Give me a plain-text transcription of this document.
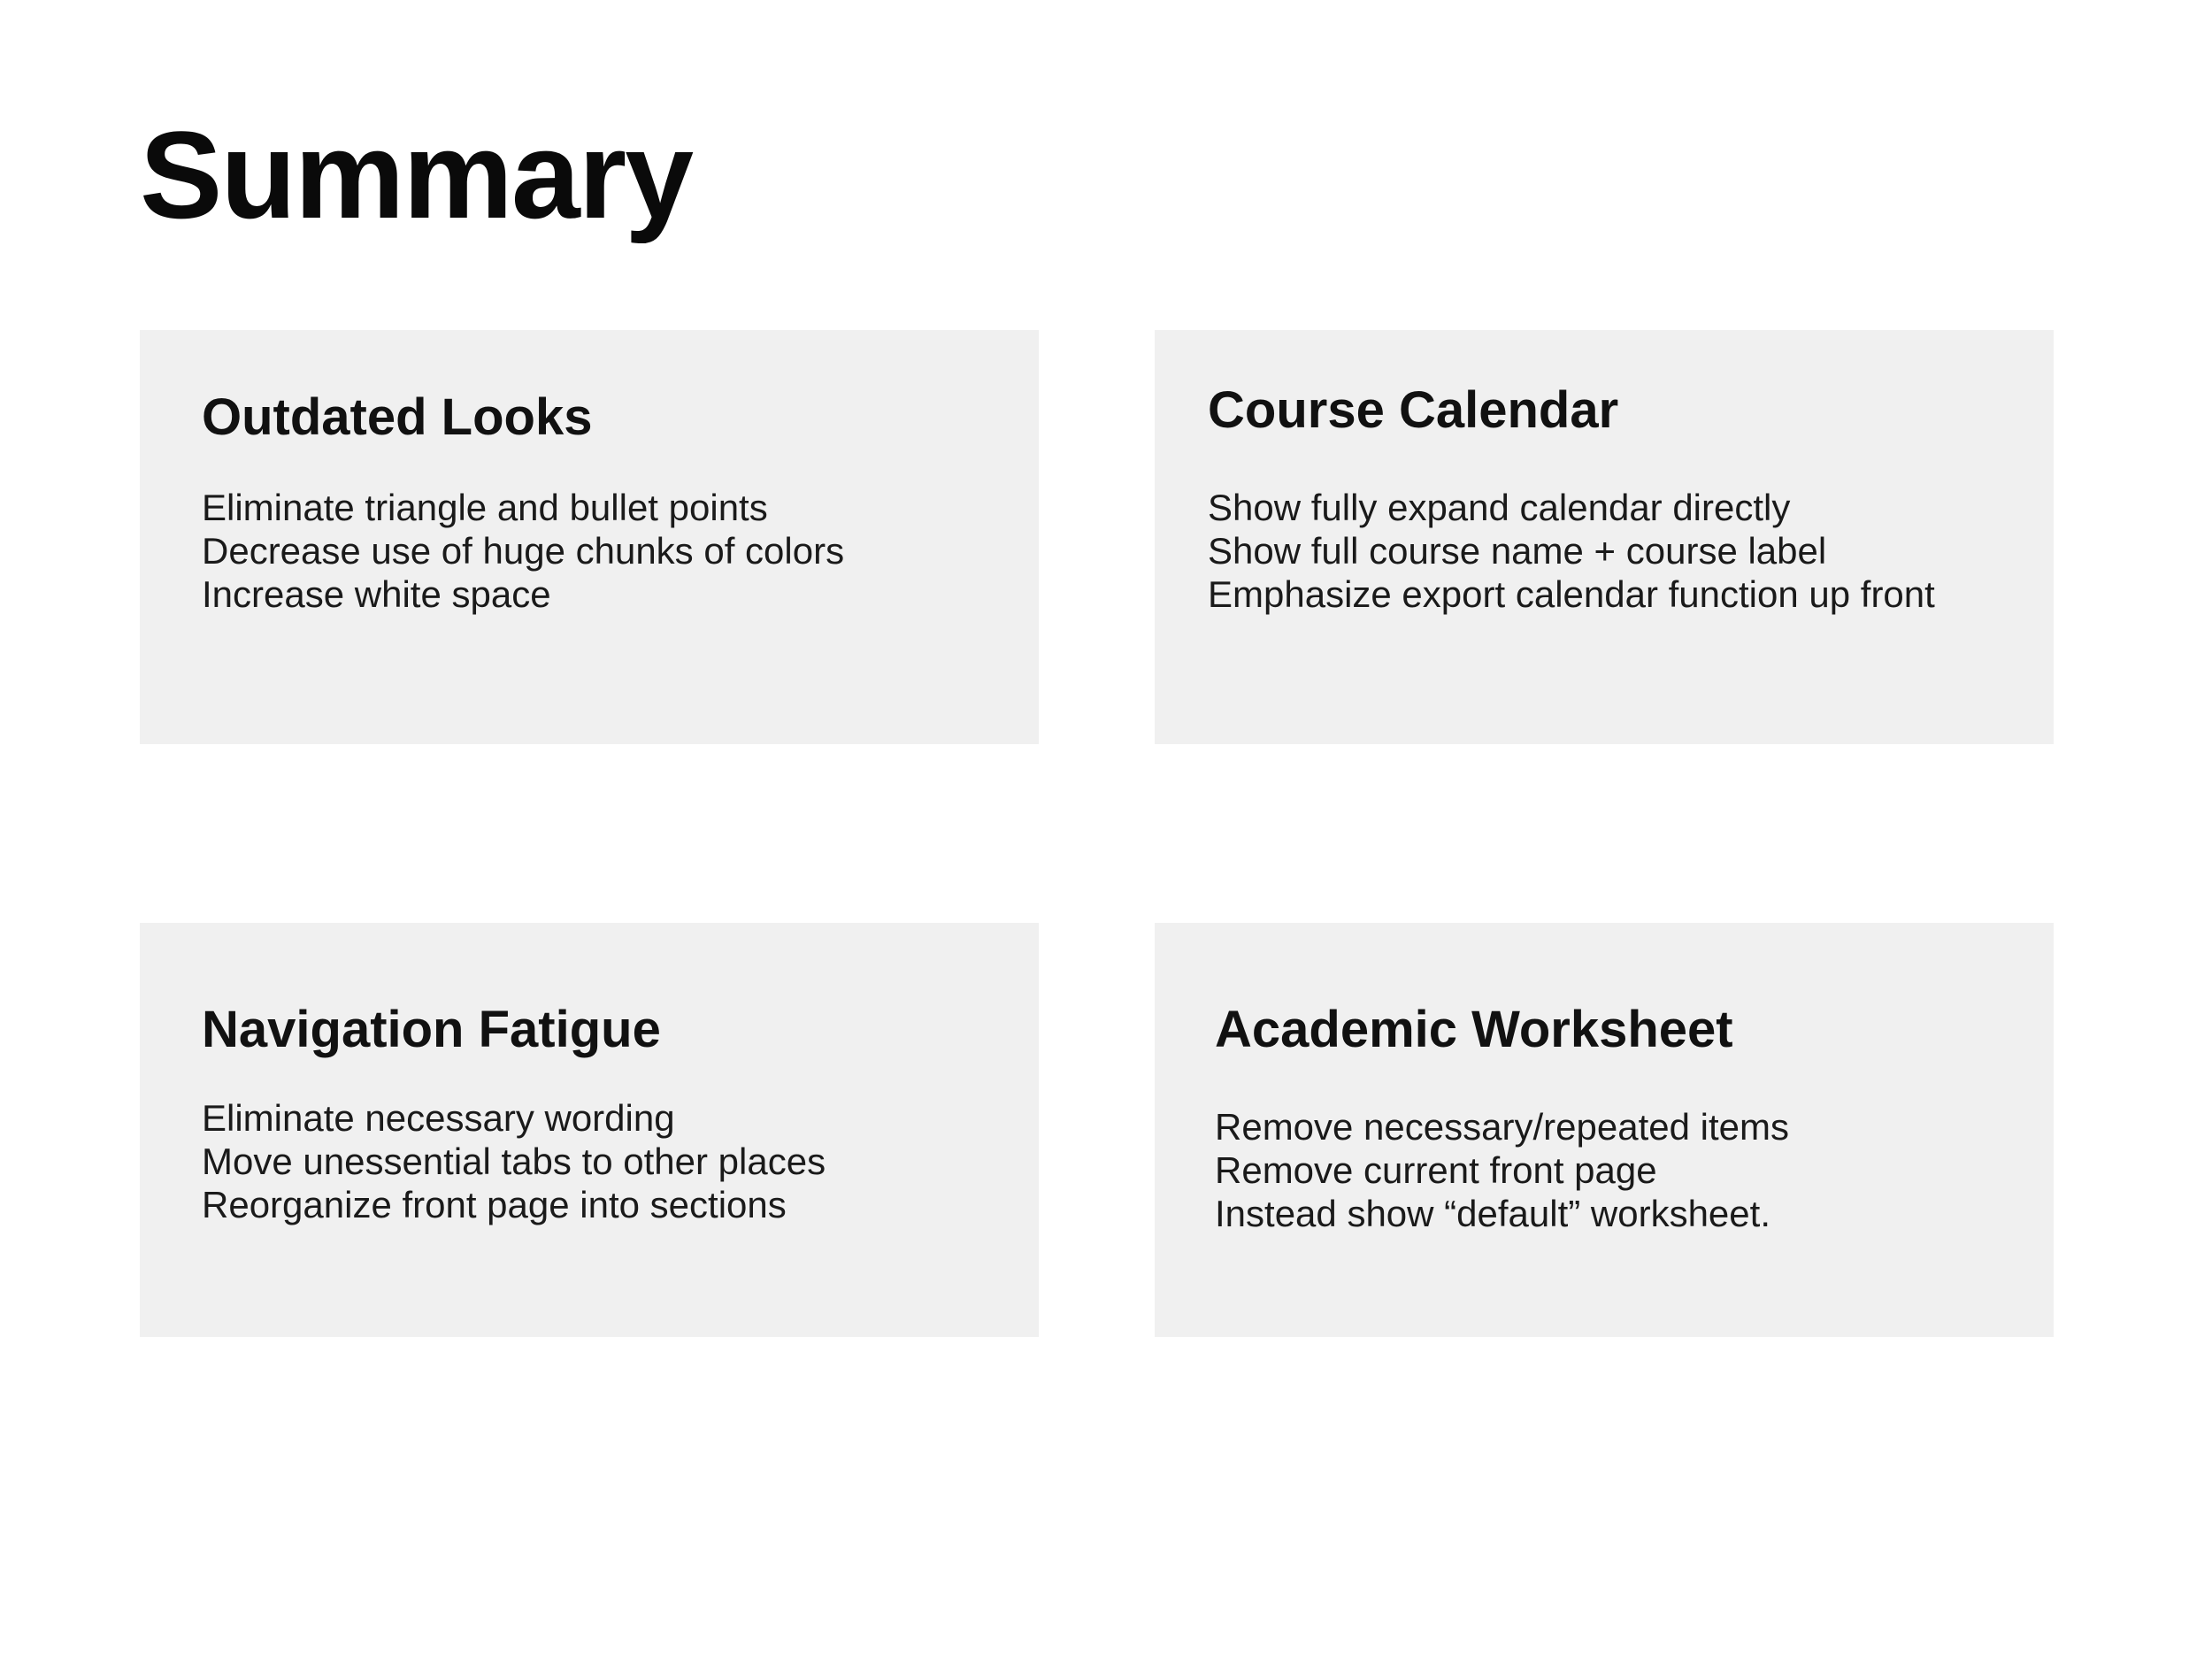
Summary
Outdated Looks
Eliminate triangle and bullet points
Decrease use of huge chunks of colors
Increase white space
Course Calendar
Show fully expand calendar directly
Show full course name + course label
Emphasize export calendar function up front
Navigation Fatigue
Eliminate necessary wording
Move unessential tabs to other places
Reorganize front page into sections
Academic Worksheet
Remove necessary/repeated items
Remove current front page
Instead show “default” worksheet.
